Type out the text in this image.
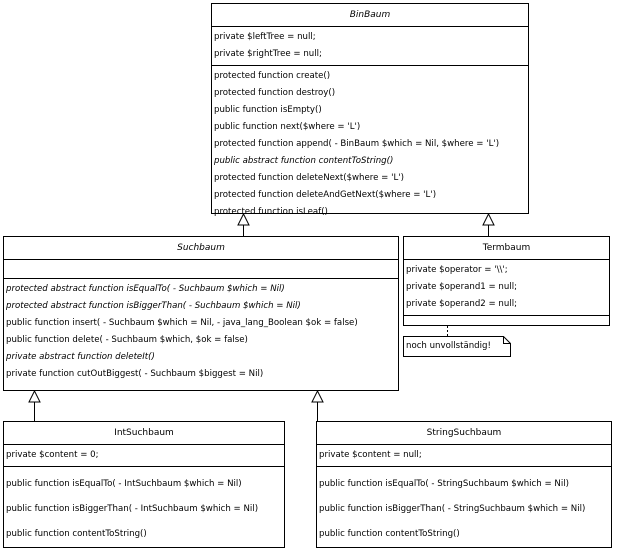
BinBaum
private $leftTree = null;
private $rightTree = null;
protected function create()
protected function destroy()
public function isEmpty()
public function next($where = 'L')
protected function append( - BinBaum $which = Nil, $where = 'L')
public abstract function contentToString()
protected function deleteNext($where = 'L')
protected function deleteAndGetNext($where = 'L')
protected function isLeaf()
Suchbaum
protected abstract function isEqualTo( - Suchbaum $which = Nil)
protected abstract function isBiggerThan( - Suchbaum $which = Nil)
public function insert( - Suchbaum $which = Nil, - java_lang_Boolean $ok = false)
public function delete( - Suchbaum $which, $ok = false)
private abstract function deleteIt()
private function cutOutBiggest( - Suchbaum $biggest = Nil)
Termbaum
private $operator = '\\';
private $operand1 = null;
private $operand2 = null;
noch unvollständig!
IntSuchbaum
private $content = 0;
public function isEqualTo( - IntSuchbaum $which = Nil)
public function isBiggerThan( - IntSuchbaum $which = Nil)
public function contentToString()
StringSuchbaum
private $content = null;
public function isEqualTo( - StringSuchbaum $which = Nil)
public function isBiggerThan( - StringSuchbaum $which = Nil)
public function contentToString()
